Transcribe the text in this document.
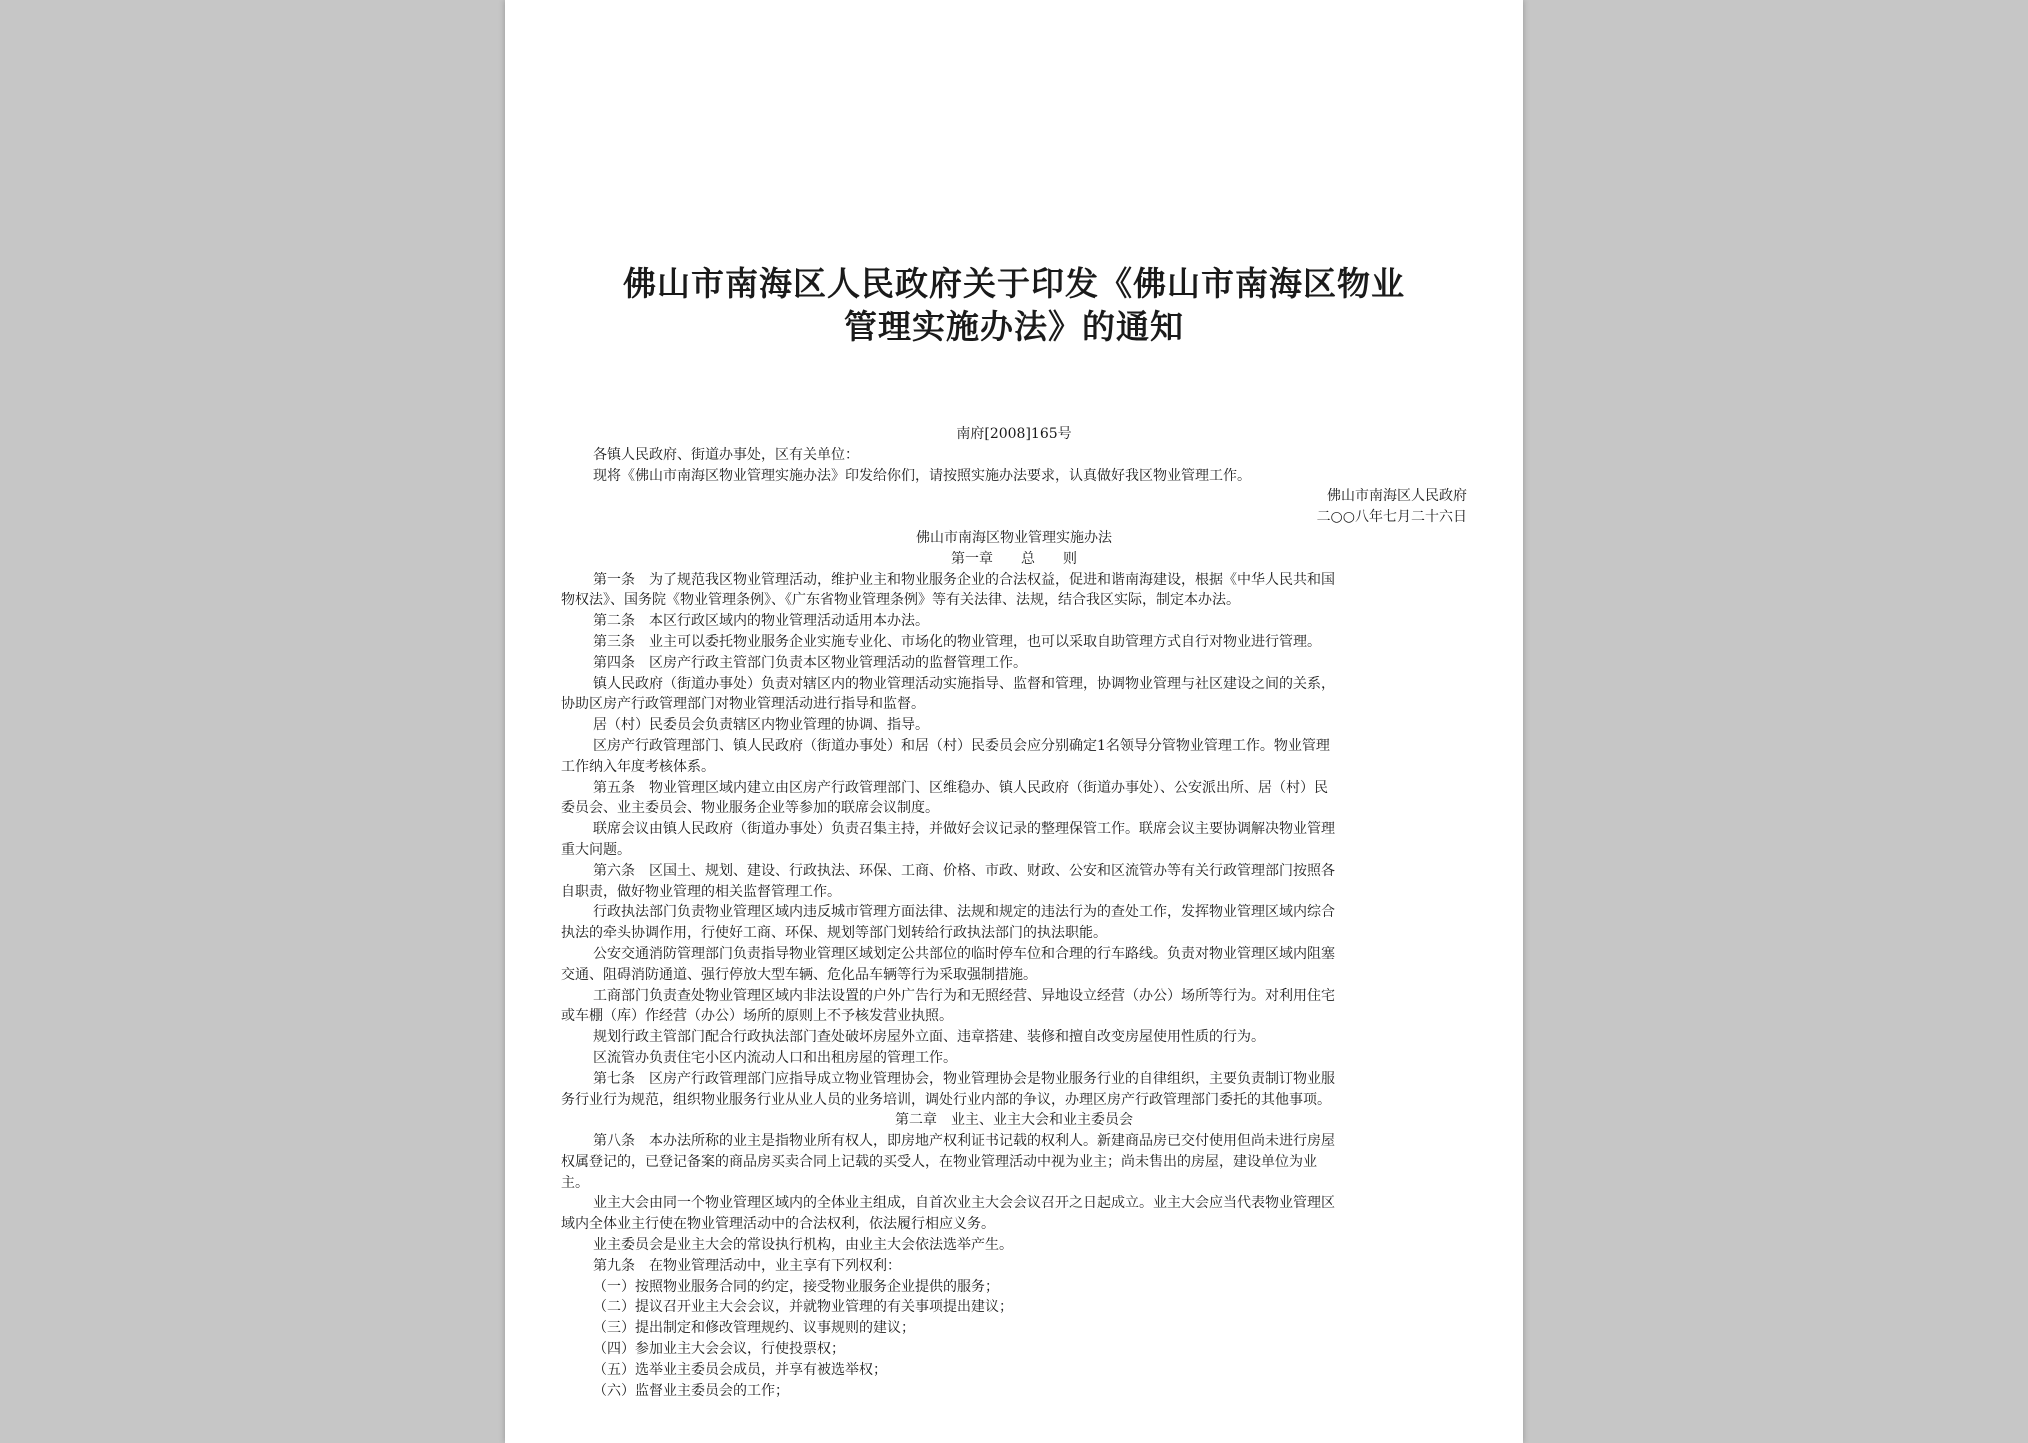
佛山市南海区人民政府关于印发《佛山市南海区物业
管理实施办法》的通知
南府[2008]165号
各镇人民政府、街道办事处，区有关单位：
现将《佛山市南海区物业管理实施办法》印发给你们，请按照实施办法要求，认真做好我区物业管理工作。
佛山市南海区人民政府
二○○八年七月二十六日
佛山市南海区物业管理实施办法
第一章　　总　　则
第一条　为了规范我区物业管理活动，维护业主和物业服务企业的合法权益，促进和谐南海建设，根据《中华人民共和国
物权法》、国务院《物业管理条例》、《广东省物业管理条例》等有关法律、法规，结合我区实际，制定本办法。
第二条　本区行政区域内的物业管理活动适用本办法。
第三条　业主可以委托物业服务企业实施专业化、市场化的物业管理，也可以采取自助管理方式自行对物业进行管理。
第四条　区房产行政主管部门负责本区物业管理活动的监督管理工作。
镇人民政府（街道办事处）负责对辖区内的物业管理活动实施指导、监督和管理，协调物业管理与社区建设之间的关系，
协助区房产行政管理部门对物业管理活动进行指导和监督。
居（村）民委员会负责辖区内物业管理的协调、指导。
区房产行政管理部门、镇人民政府（街道办事处）和居（村）民委员会应分别确定1名领导分管物业管理工作。物业管理
工作纳入年度考核体系。
第五条　物业管理区域内建立由区房产行政管理部门、区维稳办、镇人民政府（街道办事处）、公安派出所、居（村）民
委员会、业主委员会、物业服务企业等参加的联席会议制度。
联席会议由镇人民政府（街道办事处）负责召集主持，并做好会议记录的整理保管工作。联席会议主要协调解决物业管理
重大问题。
第六条　区国土、规划、建设、行政执法、环保、工商、价格、市政、财政、公安和区流管办等有关行政管理部门按照各
自职责，做好物业管理的相关监督管理工作。
行政执法部门负责物业管理区域内违反城市管理方面法律、法规和规定的违法行为的查处工作，发挥物业管理区域内综合
执法的牵头协调作用，行使好工商、环保、规划等部门划转给行政执法部门的执法职能。
公安交通消防管理部门负责指导物业管理区域划定公共部位的临时停车位和合理的行车路线。负责对物业管理区域内阻塞
交通、阻碍消防通道、强行停放大型车辆、危化品车辆等行为采取强制措施。
工商部门负责查处物业管理区域内非法设置的户外广告行为和无照经营、异地设立经营（办公）场所等行为。对利用住宅
或车棚（库）作经营（办公）场所的原则上不予核发营业执照。
规划行政主管部门配合行政执法部门查处破坏房屋外立面、违章搭建、装修和擅自改变房屋使用性质的行为。
区流管办负责住宅小区内流动人口和出租房屋的管理工作。
第七条　区房产行政管理部门应指导成立物业管理协会，物业管理协会是物业服务行业的自律组织，主要负责制订物业服
务行业行为规范，组织物业服务行业从业人员的业务培训，调处行业内部的争议，办理区房产行政管理部门委托的其他事项。
第二章　业主、业主大会和业主委员会
第八条　本办法所称的业主是指物业所有权人，即房地产权利证书记载的权利人。新建商品房已交付使用但尚未进行房屋
权属登记的，已登记备案的商品房买卖合同上记载的买受人，在物业管理活动中视为业主；尚未售出的房屋，建设单位为业
主。
业主大会由同一个物业管理区域内的全体业主组成，自首次业主大会会议召开之日起成立。业主大会应当代表物业管理区
域内全体业主行使在物业管理活动中的合法权利，依法履行相应义务。
业主委员会是业主大会的常设执行机构，由业主大会依法选举产生。
第九条　在物业管理活动中，业主享有下列权利：
（一）按照物业服务合同的约定，接受物业服务企业提供的服务；
（二）提议召开业主大会会议，并就物业管理的有关事项提出建议；
（三）提出制定和修改管理规约、议事规则的建议；
（四）参加业主大会会议，行使投票权；
（五）选举业主委员会成员，并享有被选举权；
（六）监督业主委员会的工作；
